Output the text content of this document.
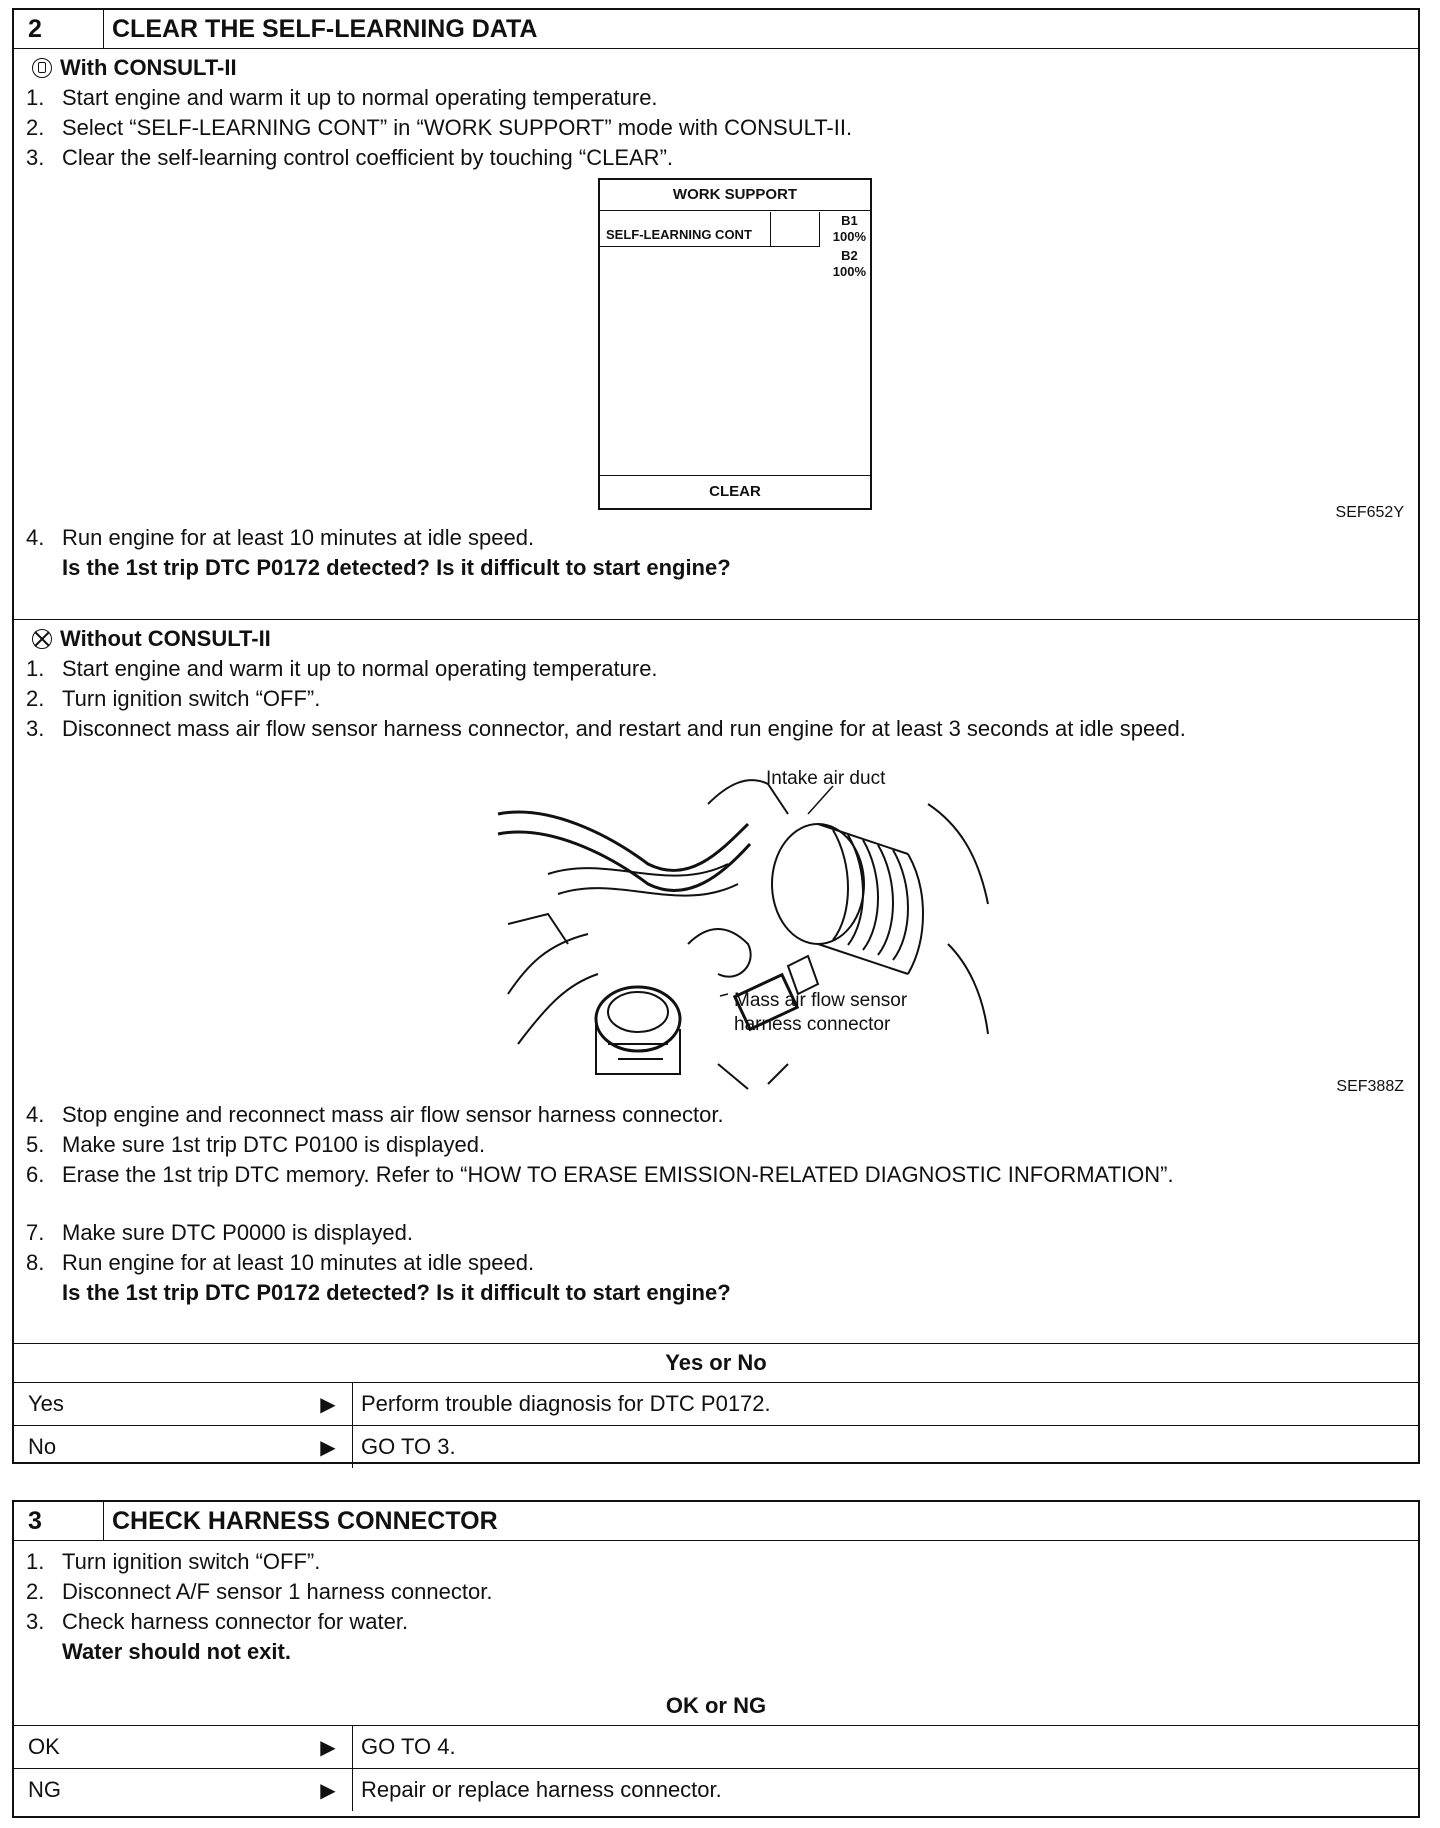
2	CLEAR THE SELF-LEARNING DATA
With CONSULT-II
1. Start engine and warm it up to normal operating temperature.
2. Select “SELF-LEARNING CONT” in “WORK SUPPORT” mode with CONSULT-II.
3. Clear the self-learning control coefficient by touching “CLEAR”.
WORK SUPPORT
SELF-LEARNING CONT
B1
100%
B2
100%
CLEAR
SEF652Y
4. Run engine for at least 10 minutes at idle speed.
Is the 1st trip DTC P0172 detected? Is it difficult to start engine?
Without CONSULT-II
1. Start engine and warm it up to normal operating temperature.
2. Turn ignition switch “OFF”.
3. Disconnect mass air flow sensor harness connector, and restart and run engine for at least 3 seconds at idle speed.
Intake air duct
Mass air flow sensor
harness connector
SEF388Z
4. Stop engine and reconnect mass air flow sensor harness connector.
5. Make sure 1st trip DTC P0100 is displayed.
6. Erase the 1st trip DTC memory. Refer to “HOW TO ERASE EMISSION-RELATED DIAGNOSTIC INFORMATION”.
7. Make sure DTC P0000 is displayed.
8. Run engine for at least 10 minutes at idle speed.
Is the 1st trip DTC P0172 detected? Is it difficult to start engine?
Yes or No
Yes	▶	Perform trouble diagnosis for DTC P0172.
No	▶	GO TO 3.
3	CHECK HARNESS CONNECTOR
1. Turn ignition switch “OFF”.
2. Disconnect A/F sensor 1 harness connector.
3. Check harness connector for water.
Water should not exit.
OK or NG
OK	▶	GO TO 4.
NG	▶	Repair or replace harness connector.
